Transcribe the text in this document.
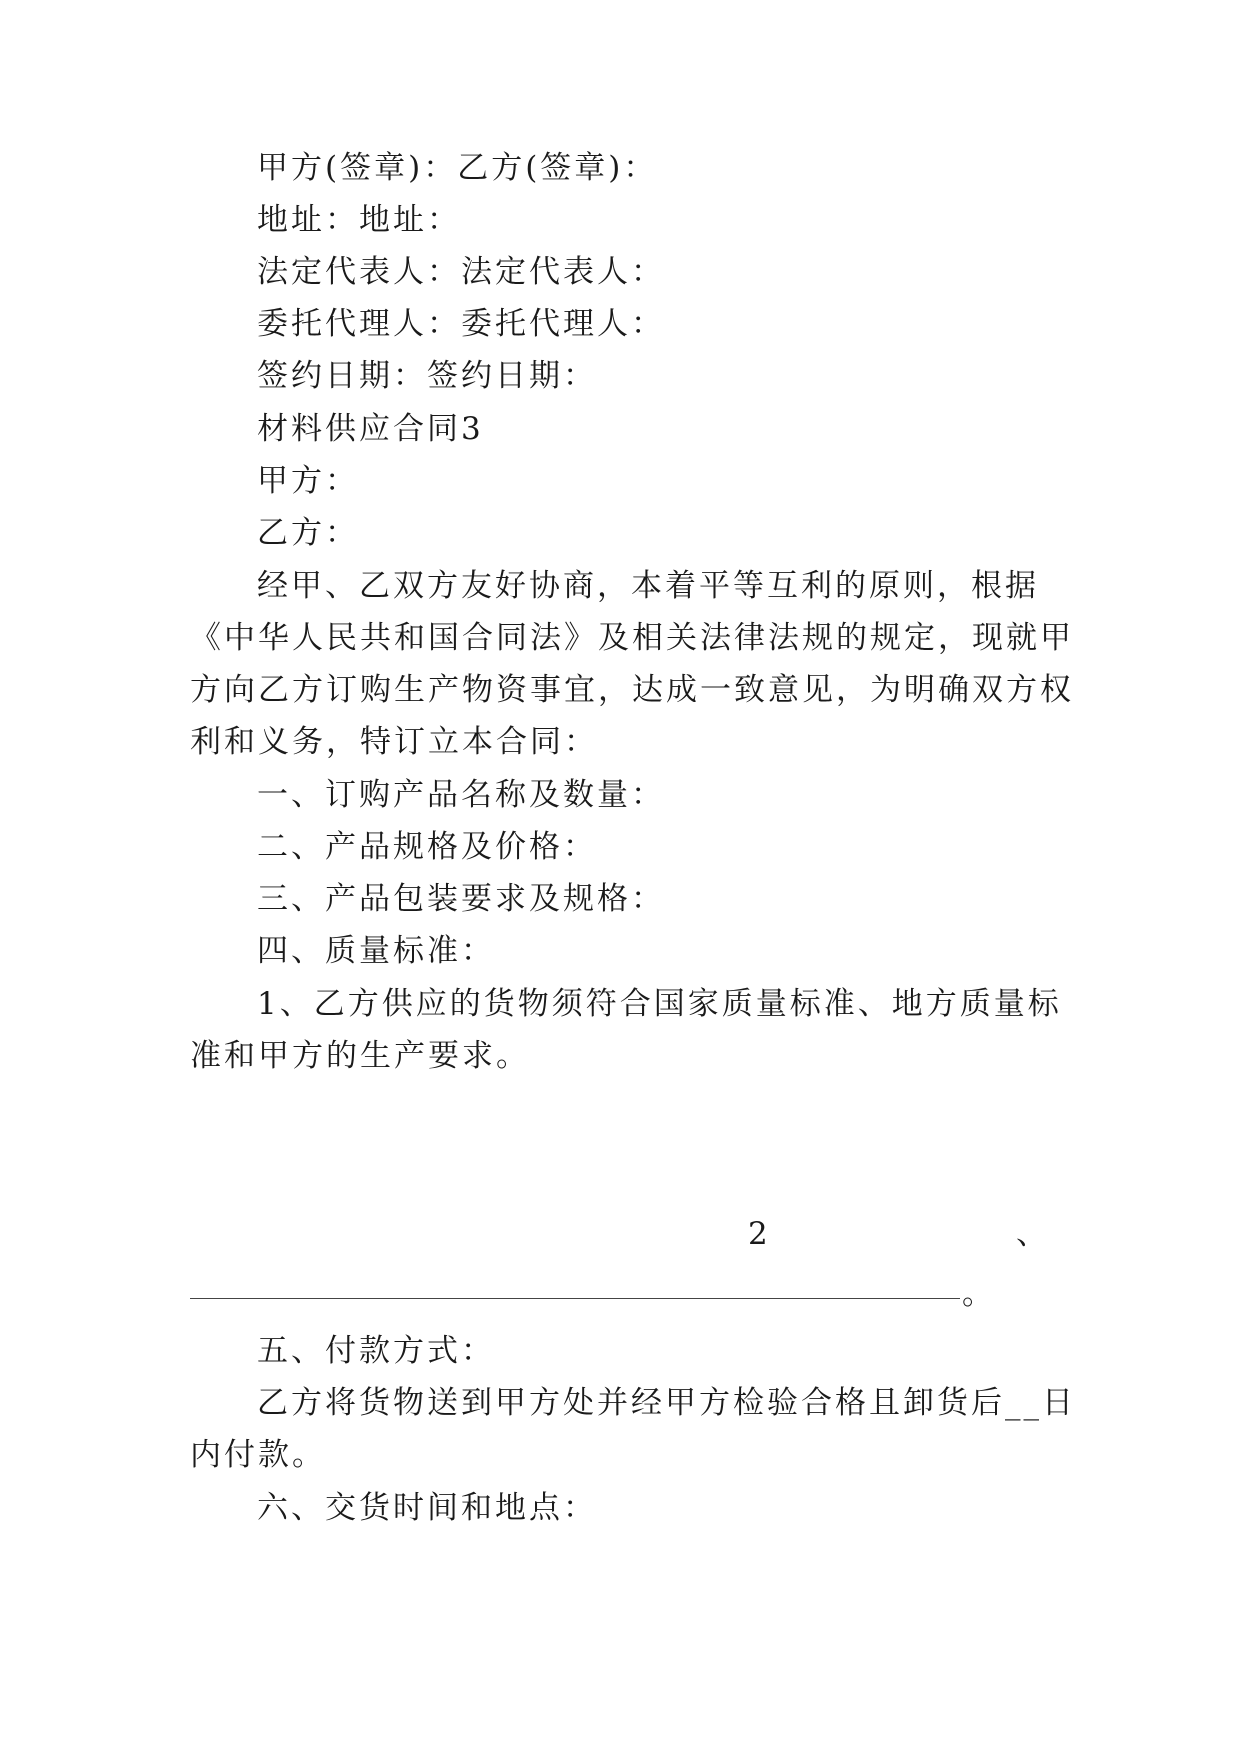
甲方(签章)：乙方(签章)：
地址：地址：
法定代表人：法定代表人：
委托代理人：委托代理人：
签约日期：签约日期：
材料供应合同3
甲方：
乙方：
经甲、乙双方友好协商，本着平等互利的原则，根据
《中华人民共和国合同法》及相关法律法规的规定，现就甲
方向乙方订购生产物资事宜，达成一致意见，为明确双方权
利和义务，特订立本合同：
一、订购产品名称及数量：
二、产品规格及价格：
三、产品包装要求及规格：
四、质量标准：
1、乙方供应的货物须符合国家质量标准、地方质量标
准和甲方的生产要求。
2	、
。
五、付款方式：
乙方将货物送到甲方处并经甲方检验合格且卸货后__日
内付款。
六、交货时间和地点：
